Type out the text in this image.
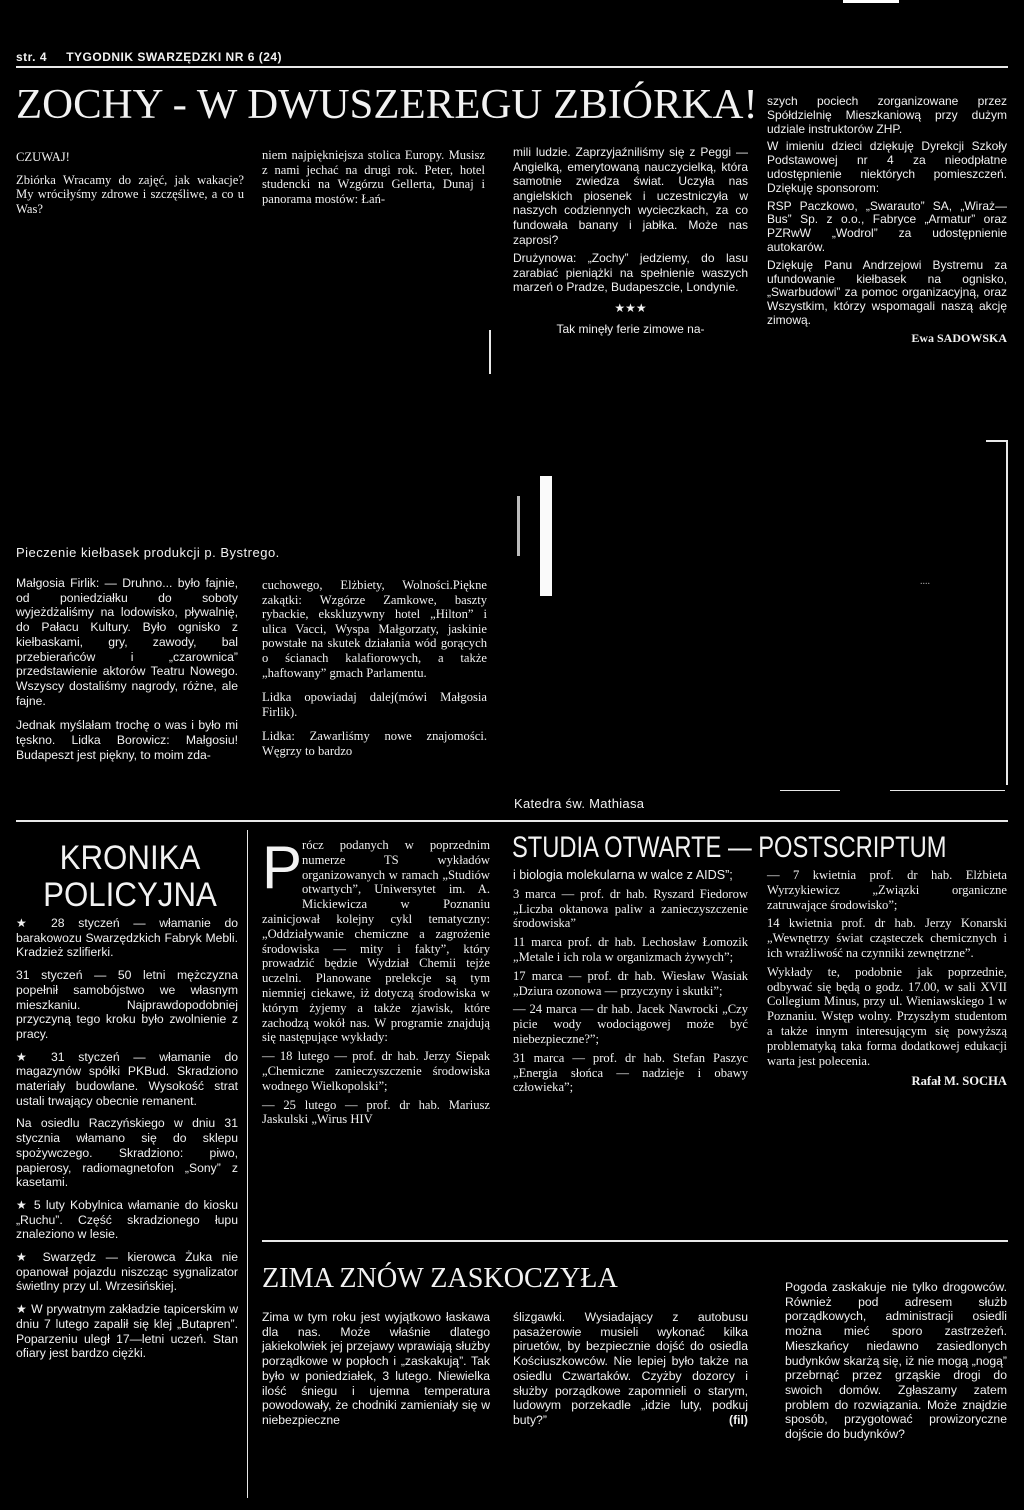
str. 4     TYGODNIK SWARZĘDZKI NR 6 (24)
ZOCHY - W DWUSZEREGU ZBIÓRKA!

CZUWAJ!

Zbiórka Wracamy do zajęć, jak wakacje? My wróciłyśmy zdrowe i szczęśliwe, a co u Was?

niem najpiękniejsza stolica Europy. Musisz z nami jechać na drugi rok. Peter, hotel studencki na Wzgórzu Gellerta, Dunaj i panorama mostów: Łań-

mili ludzie. Zaprzyjaźniliśmy się z Peggi — Angielką, emerytowaną nauczycielką, która samotnie zwiedza świat. Uczyła nas angielskich piosenek i uczestniczyła w naszych codziennych wycieczkach, za co fundowała banany i jabłka. Może nas zaprosi?

Drużynowa: „Zochy” jedziemy, do lasu zarabiać pieniążki na spełnienie waszych marzeń o Pradze, Budapeszcie, Londynie.

★★★

Tak minęły ferie zimowe na-

szych pociech zorganizowane przez Spółdzielnię Mieszkaniową przy dużym udziale instruktorów ZHP.

W imieniu dzieci dziękuję Dyrekcji Szkoły Podstawowej nr 4 za nieodpłatne udostępnienie niektórych pomieszczeń. Dziękuję sponsorom:

RSP Paczkowo, „Swarauto” SA, „Wiraż—Bus” Sp. z o.o., Fabryce „Armatur” oraz PZRwW „Wodrol” za udostępnienie autokarów.

Dziękuję Panu Andrzejowi Bystremu za ufundowanie kiełbasek na ognisko, „Swarbudowi” za pomoc organizacyjną, oraz Wszystkim, którzy wspomagali naszą akcję zimową.

Ewa SADOWSKA

Pieczenie kiełbasek produkcji p. Bystrego.
....

Małgosia Firlik: — Druhno... było fajnie, od poniedziałku do soboty wyjeżdżaliśmy na lodowisko, pływalnię, do Pałacu Kultury. Było ognisko z kiełbaskami, gry, zawody, bal przebierańców i „czarownica” przedstawienie aktorów Teatru Nowego. Wszyscy dostaliśmy nagrody, różne, ale fajne.

Jednak myślałam trochę o was i było mi tęskno. Lidka Borowicz: Małgosiu! Budapeszt jest piękny, to moim zda-

cuchowego, Elżbiety, Wolności.Piękne zakątki: Wzgórze Zamkowe, baszty rybackie, ekskluzywny hotel „Hilton” i ulica Vacci, Wyspa Małgorzaty, jaskinie powstałe na skutek działania wód gorących o ścianach kalafiorowych, a także „haftowany” gmach Parlamentu.

Lidka opowiadaj dalej(mówi Małgosia Firlik).

Lidka: Zawarliśmy nowe znajomości. Węgrzy to bardzo

Katedra św. Mathiasa
KRONIKA
POLICYJNA

★ 28 styczeń — włamanie do barakowozu Swarzędzkich Fabryk Mebli. Kradzież szlifierki.

31 styczeń — 50 letni mężczyzna popełnił samobójstwo we własnym mieszkaniu. Najprawdopodobniej przyczyną tego kroku było zwolnienie z pracy.

★ 31 styczeń — włamanie do magazynów spółki PKBud. Skradziono materiały budowlane. Wysokość strat ustali trwający obecnie remanent.

Na osiedlu Raczyńskiego w dniu 31 stycznia włamano się do sklepu spożywczego. Skradziono: piwo, papierosy, radiomagnetofon „Sony” z kasetami.

★ 5 luty Kobylnica włamanie do kiosku „Ruchu”. Część skradzionego łupu znaleziono w lesie.

★ Swarzędz — kierowca Żuka nie opanował pojazdu niszcząc sygnalizator świetlny przy ul. Wrzesińskiej.

★ W prywatnym zakładzie tapicerskim w dniu 7 lutego zapalił się klej „Butapren”. Poparzeniu uległ 17—letni uczeń. Stan ofiary jest bardzo ciężki.

STUDIA OTWARTE — POSTSCRIPTUM
P rócz podanych w poprzednim numerze TS wykładów organizowanych w ramach „Studiów otwartych”, Uniwersytet im. A. Mickiewicza w Poznaniu zainicjował kolejny cykl tematyczny: „Oddziaływanie chemiczne a zagrożenie środowiska — mity i fakty”, który prowadzić będzie Wydział Chemii tejże uczelni. Planowane prelekcje są tym niemniej ciekawe, iż dotyczą środowiska w którym żyjemy a także zjawisk, które zachodzą wokół nas. W programie znajdują się następujące wykłady:

— 18 lutego — prof. dr hab. Jerzy Siepak „Chemiczne zanieczyszczenie środowiska wodnego Wielkopolski”;

— 25 lutego — prof. dr hab. Mariusz Jaskulski „Wirus HIV

i biologia molekularna w walce z AIDS”;

3 marca — prof. dr hab. Ryszard Fiedorow „Liczba oktanowa paliw a zanieczyszczenie środowiska”

11 marca prof. dr hab. Lechosław Łomozik „Metale i ich rola w organizmach żywych”;

17 marca — prof. dr hab. Wiesław Wasiak „Dziura ozonowa — przyczyny i skutki”;

— 24 marca — dr hab. Jacek Nawrocki „Czy picie wody wodociągowej może być niebezpieczne?”;

31 marca — prof. dr hab. Stefan Paszyc „Energia słońca — nadzieje i obawy człowieka”;

— 7 kwietnia prof. dr hab. Elżbieta Wyrzykiewicz „Związki organiczne zatruwające środowisko”;

14 kwietnia prof. dr hab. Jerzy Konarski „Wewnętrzy świat cząsteczek chemicznych i ich wrażliwość na czynniki zewnętrzne”.

Wykłady te, podobnie jak poprzednie, odbywać się będą o godz. 17.00, w sali XVII Collegium Minus, przy ul. Wieniawskiego 1 w Poznaniu. Wstęp wolny. Przyszłym studentom a także innym interesującym się powyższą problematyką taka forma dodatkowej edukacji warta jest polecenia.

Rafał M. SOCHA

ZIMA ZNÓW ZASKOCZYŁA

Zima w tym roku jest wyjątkowo łaskawa dla nas. Może właśnie dlatego jakiekolwiek jej przejawy wprawiają służby porządkowe w popłoch i „zaskakują”. Tak było w poniedziałek, 3 lutego. Niewielka ilość śniegu i ujemna temperatura powodowały, że chodniki zamieniały się w niebezpieczne

ślizgawki. Wysiadający z autobusu pasażerowie musieli wykonać kilka piruetów, by bezpiecznie dojść do osiedla Kościuszkowców. Nie lepiej było także na osiedlu Czwartaków. Czyżby dozorcy i służby porządkowe zapomnieli o starym, ludowym porzekadle „idzie luty, podkuj buty?”	(fil)

Pogoda zaskakuje nie tylko drogowców. Również pod adresem służb porządkowych, administracji osiedli można mieć sporo zastrzeżeń. Mieszkańcy niedawno zasiedlonych budynków skarżą się, iż nie mogą „nogą” przebrnąć przez grząskie drogi do swoich domów. Zgłaszamy zatem problem do rozwiązania. Może znajdzie sposób, przygotować prowizoryczne dojście do budynków?
